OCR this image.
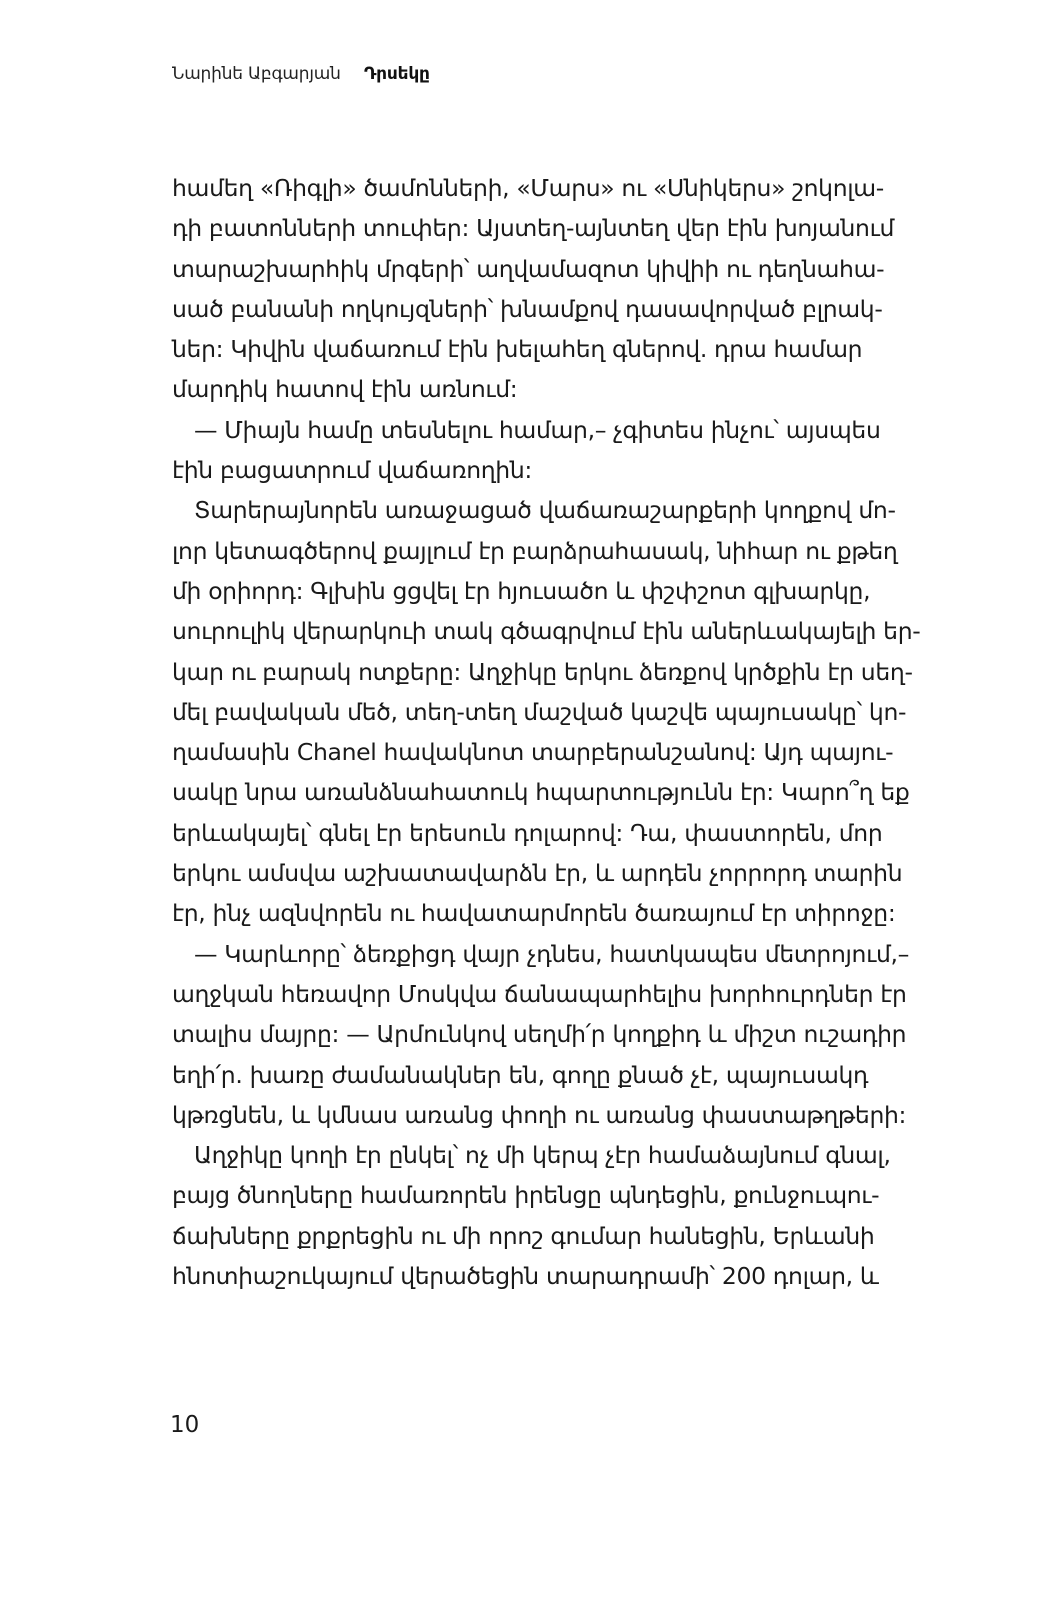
Նարինե Աբգարյան Դրսեկը
համեղ «Ռիգլի» ծամոնների, «Մարս» ու «Սնիկերս» շոկոլա-
դի բատոնների տուփեր: Այստեղ-այնտեղ վեր էին խոյանում
տարաշխարհիկ մրգերի՝ աղվամազոտ կիվիի ու դեղնահա-
սած բանանի ողկույզների՝ խնամքով դասավորված բլրակ-
ներ: Կիվին վաճառում էին խելահեղ գներով. դրա համար
մարդիկ հատով էին առնում:
— Միայն համը տեսնելու համար,– չգիտես ինչու՝ այսպես
էին բացատրում վաճառողին:
Տարերայնորեն առաջացած վաճառաշարքերի կողքով մո-
լոր կետագծերով քայլում էր բարձրահասակ, նիհար ու քթեղ
մի օրիորդ: Գլխին ցցվել էր հյուսածո և փշփշոտ գլխարկը,
սուրուլիկ վերարկուի տակ գծագրվում էին աներևակայելի եր-
կար ու բարակ ոտքերը: Աղջիկը երկու ձեռքով կրծքին էր սեղ-
մել բավական մեծ, տեղ-տեղ մաշված կաշվե պայուսակը՝ կո-
ղամասին Chanel հավակնոտ տարբերանշանով: Այդ պայու-
սակը նրա առանձնահատուկ հպարտությունն էր: Կարո՞ղ եք
երևակայել՝ գնել էր երեսուն դոլարով: Դա, փաստորեն, մոր
երկու ամսվա աշխատավարձն էր, և արդեն չորրորդ տարին
էր, ինչ ազնվորեն ու հավատարմորեն ծառայում էր տիրոջը:
— Կարևորը՝ ձեռքիցդ վայր չդնես, հատկապես մետրոյում,–
աղջկան հեռավոր Մոսկվա ճանապարհելիս խորհուրդներ էր
տալիս մայրը: — Արմունկով սեղմի՛ր կողքիդ և միշտ ուշադիր
եղի՛ր. խառը ժամանակներ են, գողը քնած չէ, պայուսակդ
կթռցնեն, և կմնաս առանց փողի ու առանց փաստաթղթերի:
Աղջիկը կողի էր ընկել՝ ոչ մի կերպ չէր համաձայնում գնալ,
բայց ծնողները համառորեն իրենցը պնդեցին, քունջուպու-
ճախները քրքրեցին ու մի որոշ գումար հանեցին, Երևանի
հնոտիաշուկայում վերածեցին տարադրամի՝ 200 դոլար, և
10
